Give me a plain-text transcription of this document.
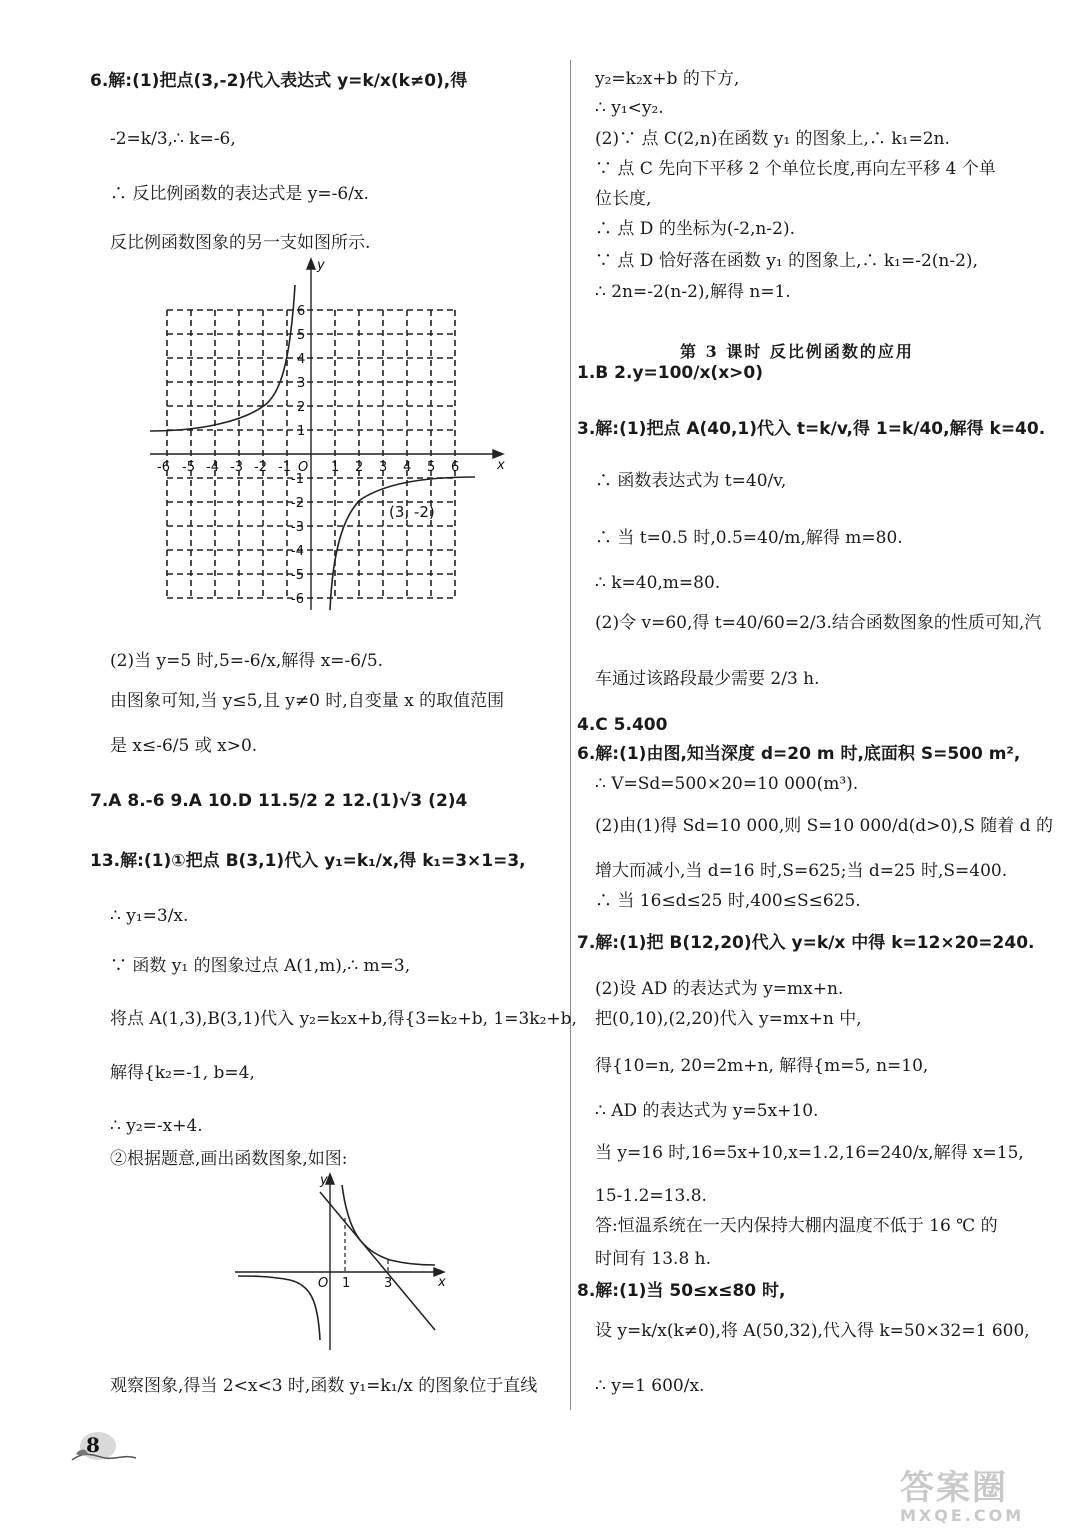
6.解:(1)把点(3,-2)代入表达式 y=k/x(k≠0),得
-2=k/3,∴ k=-6,
∴ 反比例函数的表达式是 y=-6/x.
反比例函数图象的另一支如图所示.
-6 -5 -4 -3 -2 -1 O 1 2 3 4 5 6	x
y
6
5
4
3
2
1
-1
-2
-3
-4
-5
-6
(3, -2)
(2)当 y=5 时,5=-6/x,解得 x=-6/5.
由图象可知,当 y≤5,且 y≠0 时,自变量 x 的取值范围
是 x≤-6/5 或 x>0.
7.A 8.-6 9.A 10.D 11.5/2 2 12.(1)√3 (2)4
13.解:(1)①把点 B(3,1)代入 y₁=k₁/x,得 k₁=3×1=3,
∴ y₁=3/x.
∵ 函数 y₁ 的图象过点 A(1,m),∴ m=3,
将点 A(1,3),B(3,1)代入 y₂=k₂x+b,得{3=k₂+b, 1=3k₂+b,
解得{k₂=-1, b=4,
∴ y₂=-x+4.
②根据题意,画出函数图象,如图:
O 1	3	x
y
观察图象,得当 2<x<3 时,函数 y₁=k₁/x 的图象位于直线
y₂=k₂x+b 的下方,
∴ y₁<y₂.
(2)∵ 点 C(2,n)在函数 y₁ 的图象上,∴ k₁=2n.
∵ 点 C 先向下平移 2 个单位长度,再向左平移 4 个单
位长度,
∴ 点 D 的坐标为(-2,n-2).
∵ 点 D 恰好落在函数 y₁ 的图象上,∴ k₁=-2(n-2),
∴ 2n=-2(n-2),解得 n=1.
第 3 课时 反比例函数的应用
1.B 2.y=100/x(x>0)
3.解:(1)把点 A(40,1)代入 t=k/v,得 1=k/40,解得 k=40.
∴ 函数表达式为 t=40/v,
∴ 当 t=0.5 时,0.5=40/m,解得 m=80.
∴ k=40,m=80.
(2)令 v=60,得 t=40/60=2/3.结合函数图象的性质可知,汽
车通过该路段最少需要 2/3 h.
4.C 5.400
6.解:(1)由图,知当深度 d=20 m 时,底面积 S=500 m²,
∴ V=Sd=500×20=10 000(m³).
(2)由(1)得 Sd=10 000,则 S=10 000/d(d>0),S 随着 d 的
增大而减小,当 d=16 时,S=625;当 d=25 时,S=400.
∴ 当 16≤d≤25 时,400≤S≤625.
7.解:(1)把 B(12,20)代入 y=k/x 中得 k=12×20=240.
(2)设 AD 的表达式为 y=mx+n.
把(0,10),(2,20)代入 y=mx+n 中,
得{10=n, 20=2m+n, 解得{m=5, n=10,
∴ AD 的表达式为 y=5x+10.
当 y=16 时,16=5x+10,x=1.2,16=240/x,解得 x=15,
15-1.2=13.8.
答:恒温系统在一天内保持大棚内温度不低于 16 ℃ 的
时间有 13.8 h.
8.解:(1)当 50≤x≤80 时,
设 y=k/x(k≠0),将 A(50,32),代入得 k=50×32=1 600,
∴ y=1 600/x.
8
答案圈
MXQE.COM
